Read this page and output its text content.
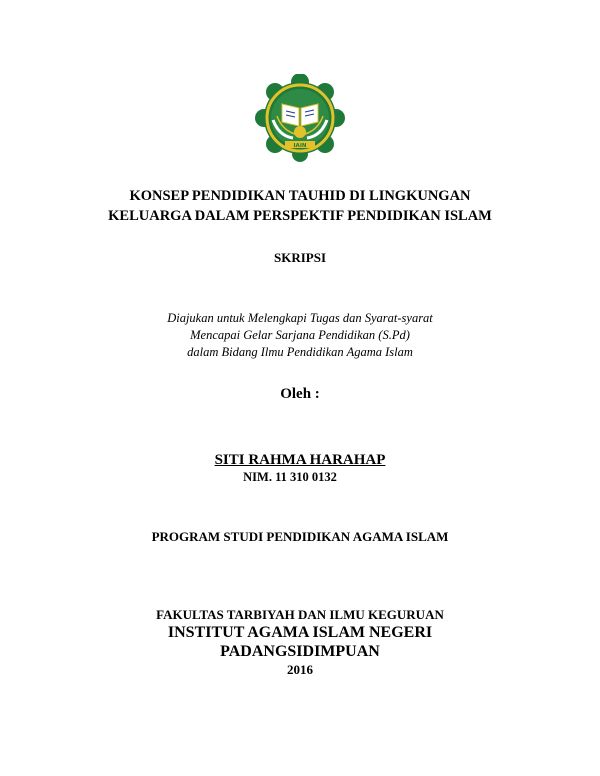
IAIN
KONSEP PENDIDIKAN TAUHID DI LINGKUNGAN
KELUARGA DALAM PERSPEKTIF PENDIDIKAN ISLAM
SKRIPSI
Diajukan untuk Melengkapi Tugas dan Syarat-syarat
Mencapai Gelar Sarjana Pendidikan (S.Pd)
dalam Bidang Ilmu Pendidikan Agama Islam
Oleh :
SITI RAHMA HARAHAP
NIM. 11 310 0132
PROGRAM STUDI PENDIDIKAN AGAMA ISLAM
FAKULTAS TARBIYAH DAN ILMU KEGURUAN
INSTITUT AGAMA ISLAM NEGERI
PADANGSIDIMPUAN
2016
